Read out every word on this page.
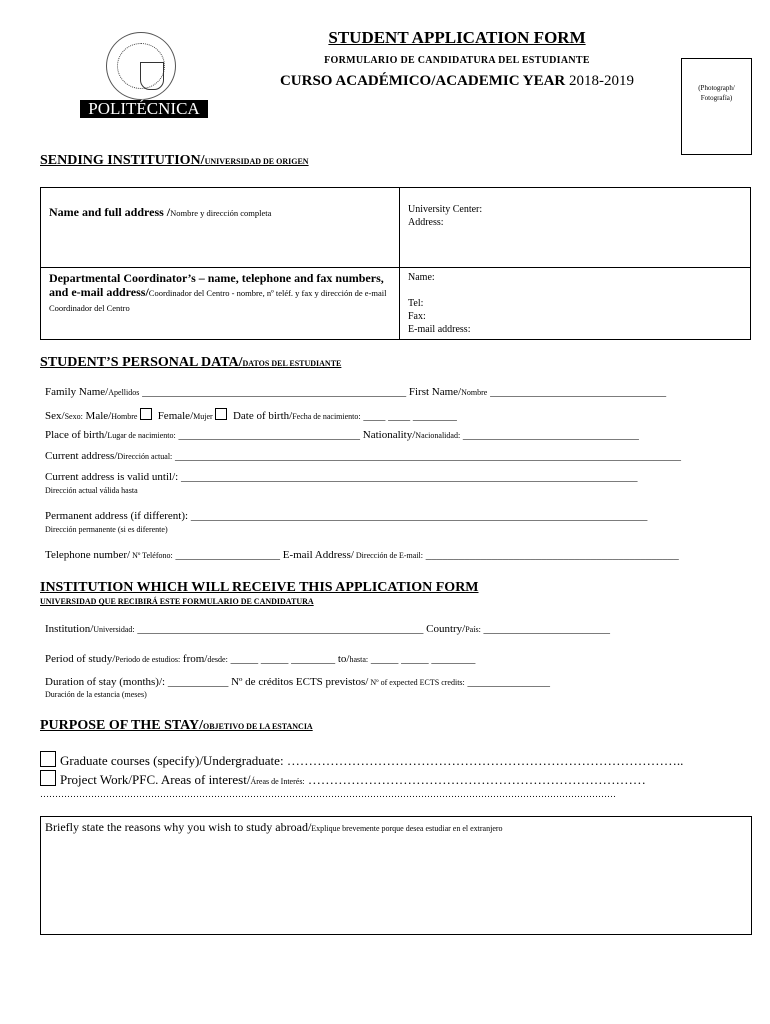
POLITÉCNICA
STUDENT APPLICATION FORM
FORMULARIO DE CANDIDATURA DEL ESTUDIANTE
CURSO ACADÉMICO/ACADEMIC YEAR 2018-2019	(Photograph/
Fotografía)
SENDING INSTITUTION/UNIVERSIDAD DE ORIGEN
Name and full address /Nombre y dirección completa	University Center:
Address:

Departmental Coordinator’s – name, telephone and fax numbers, and e-mail address/Coordinador del Centro - nombre, nº teléf. y fax y dirección de e-mail Coordinador del Centro	Name:
Tel:
Fax:
E-mail address:
STUDENT’S PERSONAL DATA/DATOS DEL ESTUDIANTE
Family Name/Apellidos ________________________________________________ First Name/Nombre ________________________________
Sex/Sexo: Male/Hombre Female/Mujer Date of birth/Fecha de nacimiento: ____ ____ ________
Place of birth/Lugar de nacimiento: _________________________________ Nationality/Nacionalidad: ________________________________
Current address/Dirección actual: ____________________________________________________________________________________________
Current address is valid until/: ___________________________________________________________________________________
Dirección actual válida hasta
Permanent address (if different): ___________________________________________________________________________________
Dirección permanente (si es diferente)
Telephone number/ Nº Teléfono: ___________________ E-mail Address/ Dirección de E-mail: ______________________________________________
INSTITUTION WHICH WILL RECEIVE THIS APPLICATION FORM
UNIVERSIDAD QUE RECIBIRÁ ESTE FORMULARIO DE CANDIDATURA
Institution/Universidad: ____________________________________________________ Country/País: _______________________
Period of study/Periodo de estudios: from/desde: _____ _____ ________ to/hasta: _____ _____ ________
Duration of stay (months)/: ___________ Nº de créditos ECTS previstos/ Nº of expected ECTS credits: _______________
Duración de la estancia (meses)
PURPOSE OF THE STAY/OBJETIVO DE LA ESTANCIA
Graduate courses (specify)/Undergraduate: ………………………………………………………………………………..
Project Work/PFC. Areas of interest/Áreas de Interés: ……………………………………………………………………
…………………………………………………………………………………………………………………………………………………………………………
Briefly state the reasons why you wish to study abroad/Explique brevemente porque desea estudiar en el extranjero
